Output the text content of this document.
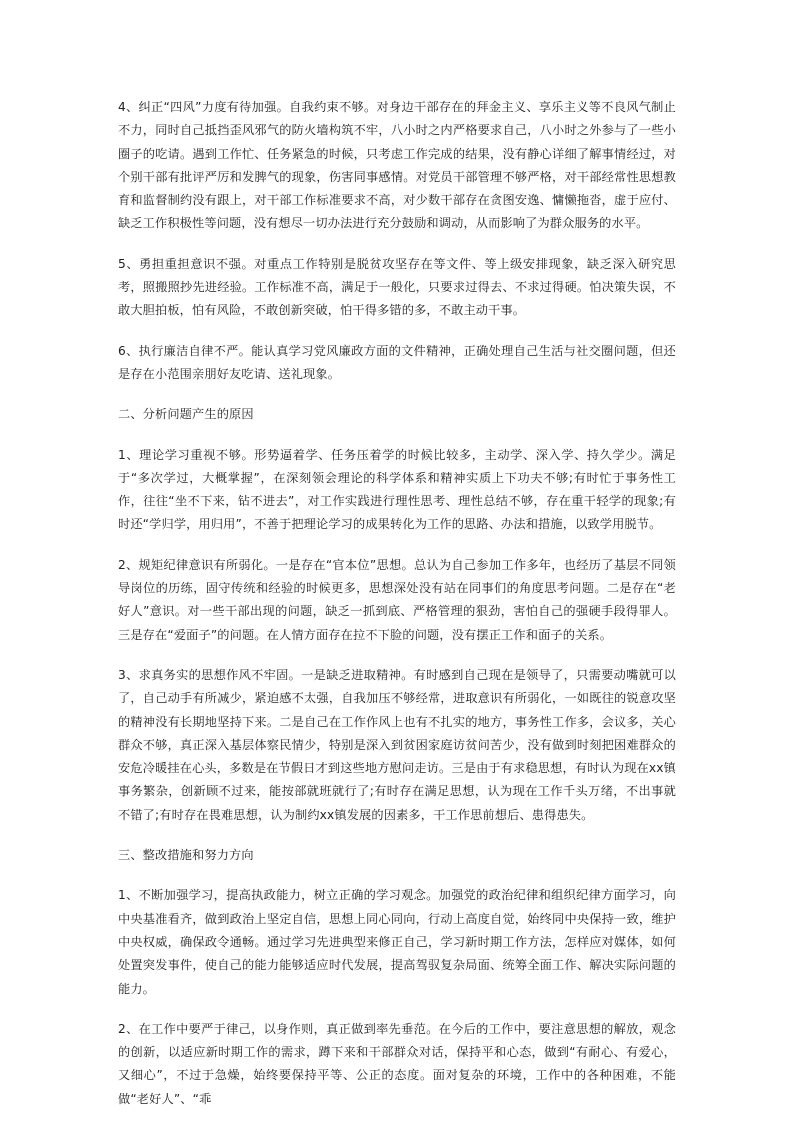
4、纠正“四风”力度有待加强。自我约束不够。对身边干部存在的拜金主义、享乐主义等不良风气制止不力，同时自己抵挡歪风邪气的防火墙构筑不牢，八小时之内严格要求自己，八小时之外参与了一些小圈子的吃请。遇到工作忙、任务紧急的时候，只考虑工作完成的结果，没有静心详细了解事情经过，对个别干部有批评严厉和发脾气的现象，伤害同事感情。对党员干部管理不够严格，对干部经常性思想教育和监督制约没有跟上，对干部工作标准要求不高，对少数干部存在贪图安逸、慵懒拖沓，虚于应付、缺乏工作积极性等问题，没有想尽一切办法进行充分鼓励和调动，从而影响了为群众服务的水平。

5、勇担重担意识不强。对重点工作特别是脱贫攻坚存在等文件、等上级安排现象，缺乏深入研究思考，照搬照抄先进经验。工作标准不高，满足于一般化，只要求过得去、不求过得硬。怕决策失误，不敢大胆拍板，怕有风险，不敢创新突破，怕干得多错的多，不敢主动干事。

6、执行廉洁自律不严。能认真学习党风廉政方面的文件精神，正确处理自己生活与社交圈问题，但还是存在小范围亲朋好友吃请、送礼现象。

二、分析问题产生的原因

1、理论学习重视不够。形势逼着学、任务压着学的时候比较多，主动学、深入学、持久学少。满足于“多次学过，大概掌握”，在深刻领会理论的科学体系和精神实质上下功夫不够;有时忙于事务性工作，往往“坐不下来，钻不进去”，对工作实践进行理性思考、理性总结不够，存在重干轻学的现象;有时还“学归学，用归用”，不善于把理论学习的成果转化为工作的思路、办法和措施，以致学用脱节。

2、规矩纪律意识有所弱化。一是存在“官本位”思想。总认为自己参加工作多年，也经历了基层不同领导岗位的历练，固守传统和经验的时候更多，思想深处没有站在同事们的角度思考问题。二是存在“老好人”意识。对一些干部出现的问题，缺乏一抓到底、严格管理的狠劲，害怕自己的强硬手段得罪人。三是存在“爱面子”的问题。在人情方面存在拉不下脸的问题，没有摆正工作和面子的关系。

3、求真务实的思想作风不牢固。一是缺乏进取精神。有时感到自己现在是领导了，只需要动嘴就可以了，自己动手有所减少，紧迫感不太强，自我加压不够经常，进取意识有所弱化，一如既往的锐意攻坚的精神没有长期地坚持下来。二是自己在工作作风上也有不扎实的地方，事务性工作多，会议多，关心群众不够，真正深入基层体察民情少，特别是深入到贫困家庭访贫问苦少，没有做到时刻把困难群众的安危冷暖挂在心头，多数是在节假日才到这些地方慰问走访。三是由于有求稳思想，有时认为现在xx镇事务繁杂，创新顾不过来，能按部就班就行了;有时存在满足思想，认为现在工作千头万绪，不出事就不错了;有时存在畏难思想，认为制约xx镇发展的因素多，干工作思前想后、患得患失。

三、整改措施和努力方向

1、不断加强学习，提高执政能力，树立正确的学习观念。加强党的政治纪律和组织纪律方面学习，向中央基准看齐，做到政治上坚定自信，思想上同心同向，行动上高度自觉，始终同中央保持一致，维护中央权威，确保政令通畅。通过学习先进典型来修正自己，学习新时期工作方法，怎样应对媒体，如何处置突发事件，使自己的能力能够适应时代发展，提高驾驭复杂局面、统筹全面工作、解决实际问题的能力。

2、在工作中要严于律己，以身作则，真正做到率先垂范。在今后的工作中，要注意思想的解放，观念的创新，以适应新时期工作的需求，蹲下来和干部群众对话，保持平和心态，做到“有耐心、有爱心，又细心”，不过于急燥，始终要保持平等、公正的态度。面对复杂的环境，工作中的各种困难，不能做“老好人”、“乖
